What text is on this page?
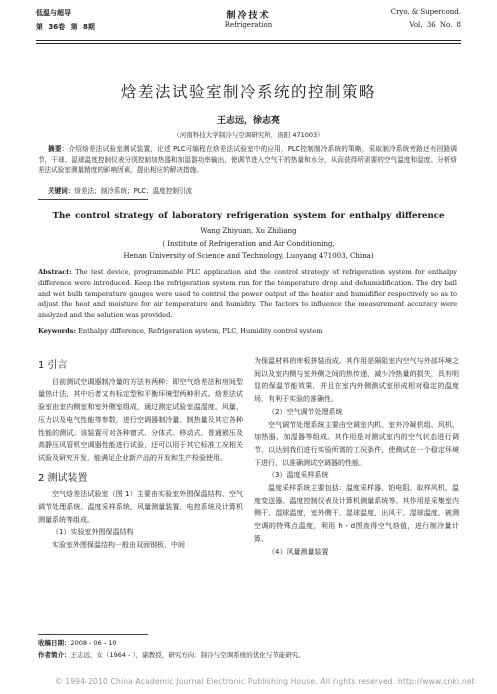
低温与超导
第 36卷 第 8期
制冷技术
Refrigeration
Cryo. & Supercond.
Vol. 36 No. 8
焓差法试验室制冷系统的控制策略
王志远，徐志亮
（河南科技大学制冷与空调研究所，洛阳 471003）
摘要：介绍焓差法试验室测试装置，论述 PLC可编程在焓差法试验室中的应用，PLC控制制冷系统的策略，采取制冷系统旁路还有回路调节，干球、湿球温度控制仪表分别控制加热器和加湿器功率输出，使调节进入空气干的热量和水分，从而获得所需要的空气温度和湿度。分析焓差法试验室测量精度的影响因素，提出相应的解决措施。
关键词：焓差法；制冷系统；PLC；温度控制引流
The control strategy of laboratory refrigeration system for enthalpy difference
Wang Zhiyuan, Xu Zhiliang
( Institute of Refrigeration and Air Conditioning,
Henan University of Science and Technology, Luoyang 471003, China)
Abstract: The test device, programmable PLC application and the control strategy of refrigeration system for enthalpy difference were introduced. Keep the refrigeration system run for the temperature drop and dehumidification. The dry ball and wet bulb temperature gauges were used to control the power output of the heater and humidifier respectively so as to adjust the heat and moisture for air temperature and humidity. The factors to influence the measurement accuracy were analyzed and the solution was provided.
Keywords: Enthalpy difference, Refrigeration system, PLC, Humidity control system
1 引言

目前测试空调器制冷量的方法有两种：即空气焓差法和房间型量热计法，其中后者又有标定型和平衡环境型两种形式。焓差法试验室由室内侧室和室外侧室组成，通过测定试验室温湿度、风量、压力以及电气性能等参数，进行空调器制冷量、制热量及其它各种性能的测试。该装置可对各种窗式、分体式、移动式、普通嵌压及高静压风管机空调器性能进行试验，还可以用于其它标准工况相关试验及研究开发，能满足企业新产品的开发和生产检验使用。

2 测试装置

空气焓差法试验室（图 1）主要由实验室外围保温结构、空气调节处理系统、温度采样系统、风量测量装置、电控系统及计算机测量系统等组成。

（1）实验室外围保温结构

实验室外围保温结构一般由双面钢板、中间

为保温材料的库板拼装而成。其作用是隔阻室内空气与外部环境之间以及室内侧与室外侧之间的热传递，减少冷热量的损失，具有明显的保温节能效果，并且在室内外侧测试室形成相对稳定的温度场，有利于实验的准确性。

（2）空气调节处理系统

空气调节处理系统主要由空调室内机、室外冷凝机组、风机、加热器、加湿器等组成。其作用是对测试室内的空气状态进行调节，以达到我们进行实验所需的工况条件，使测试在一个稳定环境下进行，以准确测试空调器的性能。

（3）温度采样系统

温度采样系统主要包括：温度采样器、铂电阻、取样风机、温度变送器、温度控制仪表及计算机测量系统等。其作用是采集室内侧干、湿球温度，室外侧干、湿球温度，出风干、湿球温度，被测空调的特殊点温度，利用 h - d图查得空气焓值，进行制冷量计算。

（4）风量测量装置

收稿日期：2008 - 06 - 10
作者简介：王志远，女（1964 - ），副教授，研究方向：制冷与空调系统的优化与节能研究。
© 1994-2010 China Academic Journal Electronic Publishing House. All rights reserved. http://www.cnki.net
